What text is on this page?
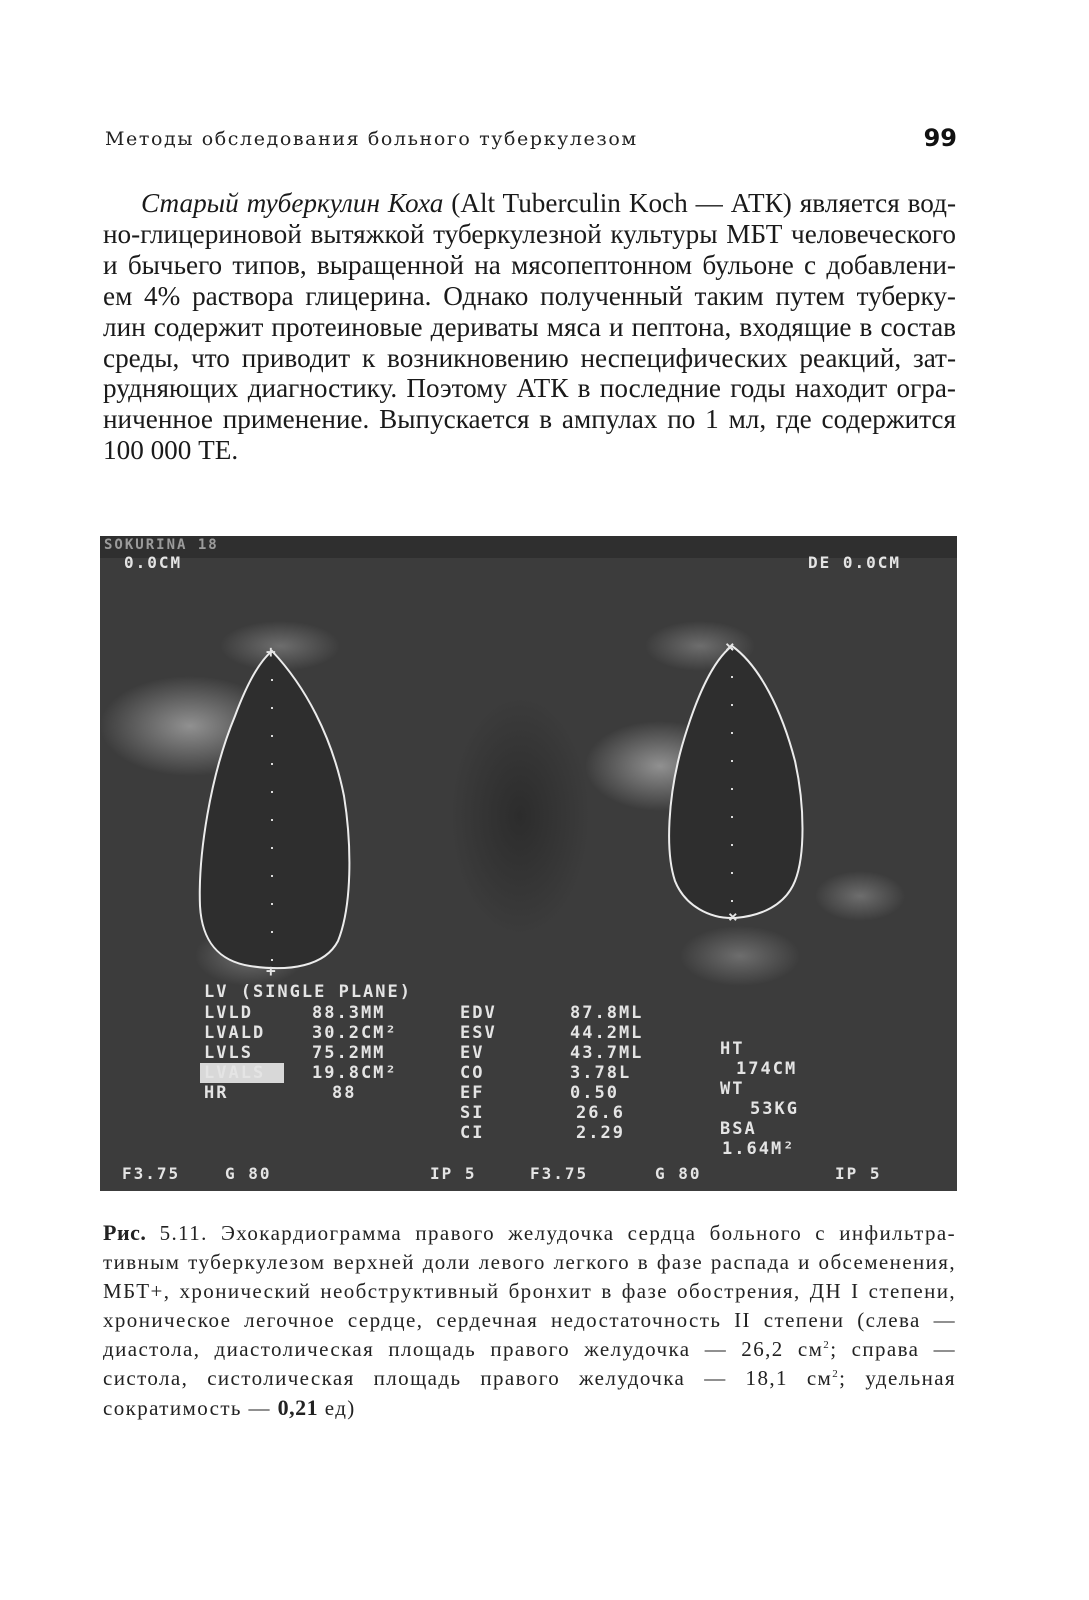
Методы обследования больного туберкулезом	99
Старый туберкулин Коха (Alt Tuberculin Koch — АТК) является вод- но-глицериновой вытяжкой туберкулезной культуры МБТ человеческого и бычьего типов, выращенной на мясопептонном бульоне с добавлени- ем 4% раствора глицерина. Однако полученный таким путем туберку- лин содержит протеиновые дериваты мяса и пептона, входящие в состав среды, что приводит к возникновению неспецифических реакций, зат- рудняющих диагностику. Поэтому АТК в последние годы находит огра- ниченное применение. Выпускается в ампулах по 1 мл, где содержится 100 000 ТЕ.
+
+
×
×
SOKURINA 18
0.0CM	DE 0.0CM
LV (SINGLE PLANE)
LVLD	88.3MM
LVALD	30.2CM²
LVLS	75.2MM
LVALS	19.8CM²
HR	88
EDV	87.8ML
ESV	44.2ML
EV	43.7ML
CO	3.78L
EF	0.50
SI	26.6
CI	2.29
HT
174CM
WT
53KG
BSA
1.64M²
F3.75	G 80	IP 5	F3.75	G 80	IP 5
Рис. 5.11. Эхокардиограмма правого желудочка сердца больного с инфильтра-тивным туберкулезом верхней доли левого легкого в фазе распада и обсеменения, МБТ+, хронический необструктивный бронхит в фазе обострения, ДН I степени, хроническое легочное сердце, сердечная недостаточность II степени (слева — диастола, диастолическая площадь правого желудочка — 26,2 $см^2$; справа — систола, систолическая площадь правого желудочка — 18,1 $см^2$; удельная сократимость — 0,21 ед)
